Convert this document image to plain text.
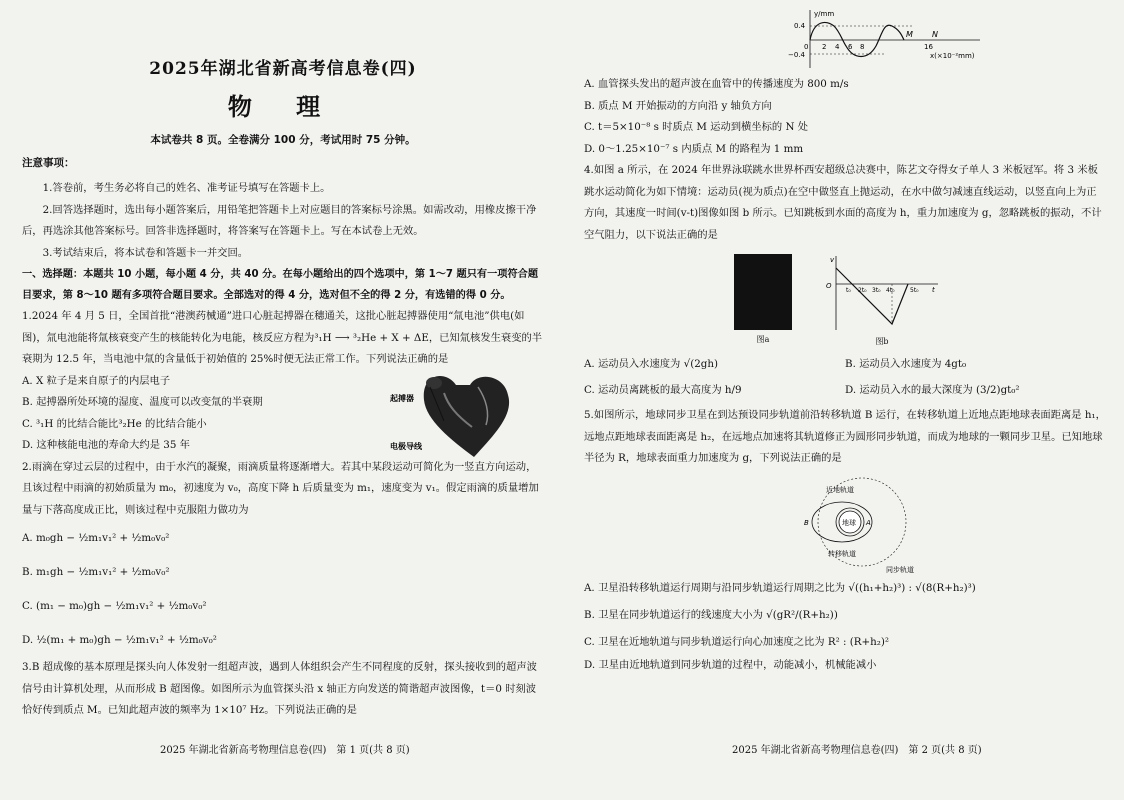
2025年湖北省新高考信息卷(四)
物 理
本试卷共 8 页。全卷满分 100 分，考试用时 75 分钟。
注意事项：

1.答卷前，考生务必将自己的姓名、准考证号填写在答题卡上。

2.回答选择题时，选出每小题答案后，用铅笔把答题卡上对应题目的答案标号涂黑。如需改动，用橡皮擦干净后，再选涂其他答案标号。回答非选择题时，将答案写在答题卡上。写在本试卷上无效。

3.考试结束后，将本试卷和答题卡一并交回。

一、选择题：本题共 10 小题，每小题 4 分，共 40 分。在每小题给出的四个选项中，第 1～7 题只有一项符合题目要求，第 8～10 题有多项符合题目要求。全部选对的得 4 分，选对但不全的得 2 分，有选错的得 0 分。

1.2024 年 4 月 5 日，全国首批“港澳药械通”进口心脏起搏器在穗通关，这批心脏起搏器使用“氚电池”供电(如图)，氚电池能将氚核衰变产生的核能转化为电能，核反应方程为³₁H ⟶ ³₂He + X + ΔE，已知氚核发生衰变的半衰期为 12.5 年，当电池中氚的含量低于初始值的 25%时便无法正常工作。下列说法正确的是

A. X 粒子是来自原子的内层电子
B. 起搏器所处环境的湿度、温度可以改变氚的半衰期
C. ³₁H 的比结合能比³₂He 的比结合能小
D. 这种核能电池的寿命大约是 35 年
起搏器
电极导线

2.雨滴在穿过云层的过程中，由于水汽的凝聚，雨滴质量将逐渐增大。若其中某段运动可简化为一竖直方向运动，且该过程中雨滴的初始质量为 m₀，初速度为 v₀，高度下降 h 后质量变为 m₁，速度变为 v₁。假定雨滴的质量增加量与下落高度成正比，则该过程中克服阻力做功为

A. m₀gh − ½m₁v₁² + ½m₀v₀²
B. m₁gh − ½m₁v₁² + ½m₀v₀²
C. (m₁ − m₀)gh − ½m₁v₁² + ½m₀v₀²
D. ½(m₁ + m₀)gh − ½m₁v₁² + ½m₀v₀²

3.B 超成像的基本原理是探头向人体发射一组超声波，遇到人体组织会产生不同程度的反射，探头接收到的超声波信号由计算机处理，从而形成 B 超图像。如图所示为血管探头沿 x 轴正方向发送的简谐超声波图像，t＝0 时刻波恰好传到质点 M。已知此超声波的频率为 1×10⁷ Hz。下列说法正确的是

2025 年湖北省新高考物理信息卷(四)　第 1 页(共 8 页)
y/mm
0.4
−0.4
0 2 4 6 8	16
x(×10⁻²mm)
M N
A. 血管探头发出的超声波在血管中的传播速度为 800 m/s
B. 质点 M 开始振动的方向沿 y 轴负方向
C. t＝5×10⁻⁸ s 时质点 M 运动到横坐标的 N 处
D. 0～1.25×10⁻⁷ s 内质点 M 的路程为 1 mm

4.如图 a 所示，在 2024 年世界泳联跳水世界杯西安超级总决赛中，陈艺文夺得女子单人 3 米板冠军。将 3 米板跳水运动简化为如下情境：运动员(视为质点)在空中做竖直上抛运动，在水中做匀减速直线运动，以竖直向上为正方向，其速度一时间(v-t)图像如图 b 所示。已知跳板到水面的高度为 h，重力加速度为 g，忽略跳板的振动，不计空气阻力，以下说法正确的是

图a
v
O
t₀ 2t₀ 3t₀ 4t₀	5t₀ t
图b
A. 运动员入水速度为 √(2gh)	B. 运动员入水速度为 4gt₀
C. 运动员离跳板的最大高度为 h/9	D. 运动员入水的最大深度为 (3/2)gt₀²

5.如图所示，地球同步卫星在到达预设同步轨道前沿转移轨道 B 运行，在转移轨道上近地点距地球表面距离是 h₁，远地点距地球表面距离是 h₂，在远地点加速将其轨道修正为圆形同步轨道，而成为地球的一颗同步卫星。已知地球半径为 R，地球表面重力加速度为 g，下列说法正确的是

近地轨道
地球 A
B
转移轨道
同步轨道
A. 卫星沿转移轨道运行周期与沿同步轨道运行周期之比为 √((h₁+h₂)³) : √(8(R+h₂)³)
B. 卫星在同步轨道运行的线速度大小为 √(gR²/(R+h₂))
C. 卫星在近地轨道与同步轨道运行向心加速度之比为 R² : (R+h₂)²
D. 卫星由近地轨道到同步轨道的过程中，动能减小，机械能减小
2025 年湖北省新高考物理信息卷(四)　第 2 页(共 8 页)
